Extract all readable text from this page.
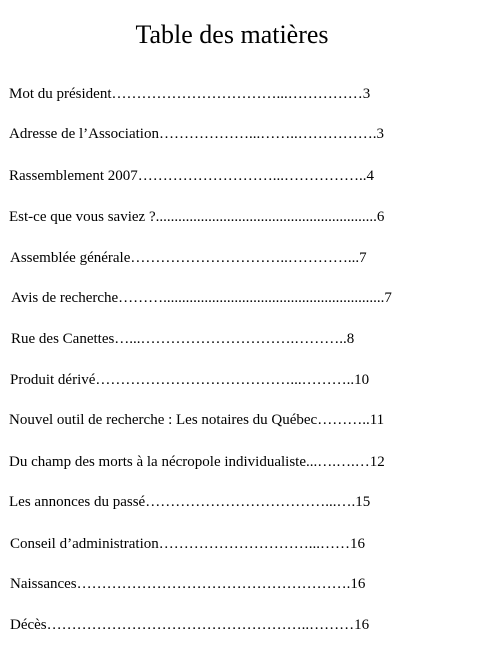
Table des matières
Mot du président……………………………...……………3
Adresse de l’Association………………...……..…………….3
Rassemblement 2007………………………...……………..4
Est-ce que vous saviez ?...........................................................6
Assemblée générale…………………………..…………...7
Avis de recherche………...........................................................7
Rue des Canettes…...………………………….………..8
Produit dérivé…………………………………...………..10
Nouvel outil de recherche : Les notaires du Québec………..11
Du champ des morts à la nécropole individualiste...….….…12
Les annonces du passé………………………………...….15
Conseil d’administration…………………………...……16
Naissances……………………………………………….16
Décès……………………………………………..………16
